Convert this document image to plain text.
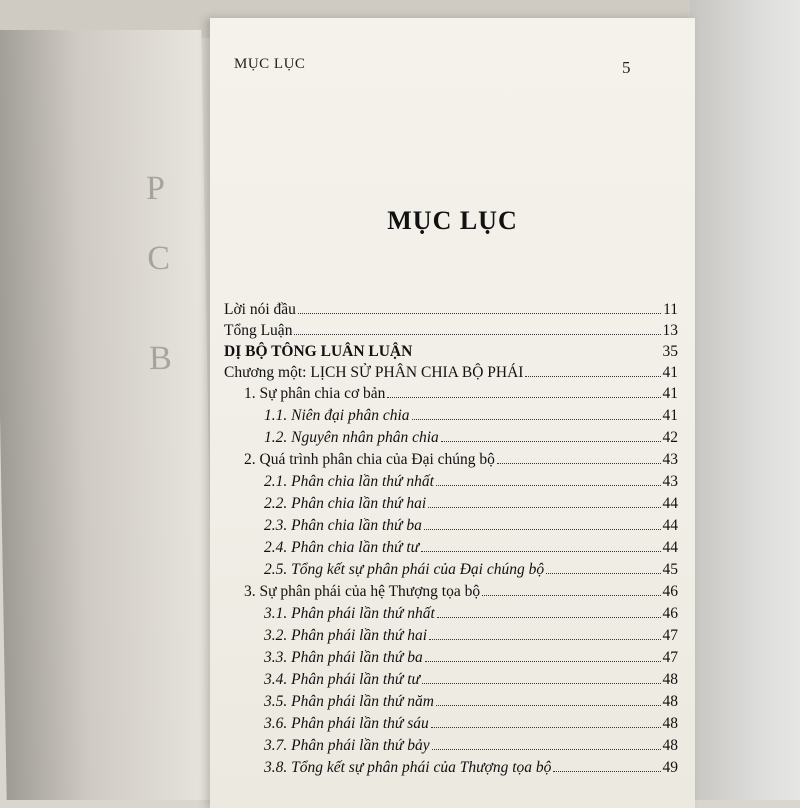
P
C
B
MỤC LỤC	5
MỤC LỤC
Lời nói đầu	11
Tổng Luận	13
DỊ BỘ TÔNG LUÂN LUẬN	35
Chương một: LỊCH SỬ PHÂN CHIA BỘ PHÁI	41
1. Sự phân chia cơ bản	41
1.1. Niên đại phân chia	41
1.2. Nguyên nhân phân chia	42
2. Quá trình phân chia của Đại chúng bộ	43
2.1. Phân chia lần thứ nhất	43
2.2. Phân chia lần thứ hai	44
2.3. Phân chia lần thứ ba	44
2.4. Phân chia lần thứ tư	44
2.5. Tổng kết sự phân phái của Đại chúng bộ	45
3. Sự phân phái của hệ Thượng tọa bộ	46
3.1. Phân phái lần thứ nhất	46
3.2. Phân phái lần thứ hai	47
3.3. Phân phái lần thứ ba	47
3.4. Phân phái lần thứ tư	48
3.5. Phân phái lần thứ năm	48
3.6. Phân phái lần thứ sáu	48
3.7. Phân phái lần thứ bảy	48
3.8. Tổng kết sự phân phái của Thượng tọa bộ	49
